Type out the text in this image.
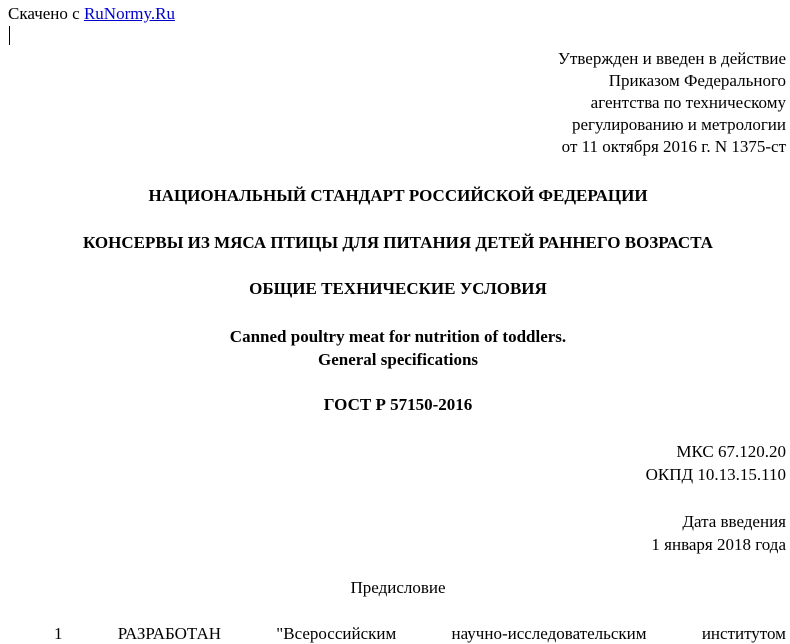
Скачено с RuNormy.Ru
Утвержден и введен в действие
Приказом Федерального
агентства по техническому
регулированию и метрологии
от 11 октября 2016 г. N 1375-ст
НАЦИОНАЛЬНЫЙ СТАНДАРТ РОССИЙСКОЙ ФЕДЕРАЦИИ
КОНСЕРВЫ ИЗ МЯСА ПТИЦЫ ДЛЯ ПИТАНИЯ ДЕТЕЙ РАННЕГО ВОЗРАСТА
ОБЩИЕ ТЕХНИЧЕСКИЕ УСЛОВИЯ
Canned poultry meat for nutrition of toddlers.
General specifications
ГОСТ Р 57150-2016
МКС 67.120.20
ОКПД 10.13.15.110
Дата введения
1 января 2018 года
Предисловие
1	РАЗРАБОТАН	"Всероссийским	научно-исследовательским	институтом
